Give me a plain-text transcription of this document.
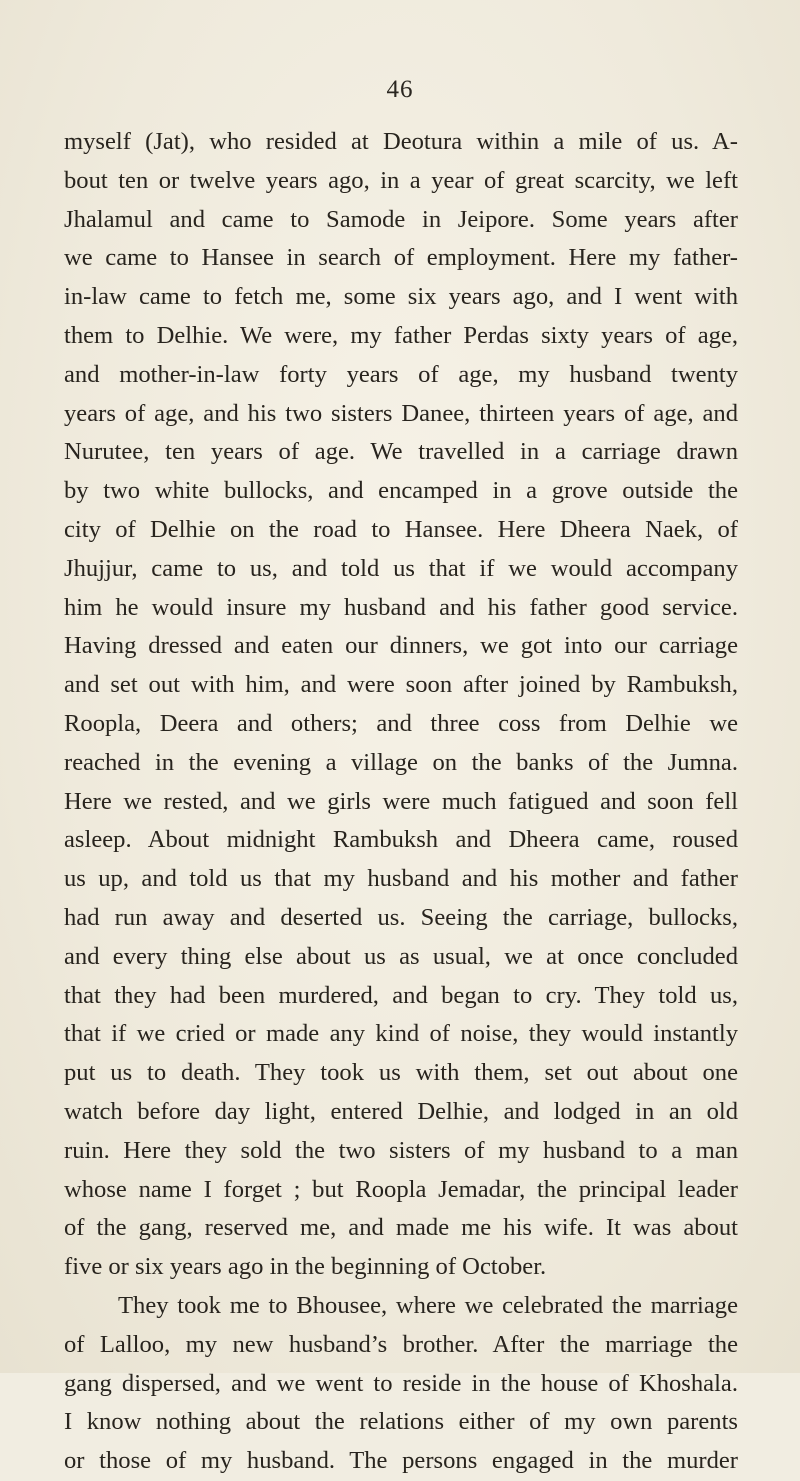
46
myself (Jat), who resided at Deotura within a mile of us. A-
bout ten or twelve years ago, in a year of great scarcity, we left
Jhalamul and came to Samode in Jeipore. Some years after
we came to Hansee in search of employment. Here my father-
in-law came to fetch me, some six years ago, and I went with
them to Delhie. We were, my father Perdas sixty years of age,
and mother-in-law forty years of age, my husband twenty
years of age, and his two sisters Danee, thirteen years of age, and
Nurutee, ten years of age. We travelled in a carriage drawn
by two white bullocks, and encamped in a grove outside the
city of Delhie on the road to Hansee. Here Dheera Naek, of
Jhujjur, came to us, and told us that if we would accompany
him he would insure my husband and his father good service.
Having dressed and eaten our dinners, we got into our carriage
and set out with him, and were soon after joined by Rambuksh,
Roopla, Deera and others; and three coss from Delhie we
reached in the evening a village on the banks of the Jumna.
Here we rested, and we girls were much fatigued and soon fell
asleep. About midnight Rambuksh and Dheera came, roused
us up, and told us that my husband and his mother and father
had run away and deserted us. Seeing the carriage, bullocks,
and every thing else about us as usual, we at once concluded
that they had been murdered, and began to cry. They told us,
that if we cried or made any kind of noise, they would instantly
put us to death. They took us with them, set out about one
watch before day light, entered Delhie, and lodged in an old
ruin. Here they sold the two sisters of my husband to a man
whose name I forget ; but Roopla Jemadar, the principal leader
of the gang, reserved me, and made me his wife. It was about
five or six years ago in the beginning of October.
They took me to Bhousee, where we celebrated the marriage
of Lalloo, my new husband’s brother. After the marriage the
gang dispersed, and we went to reside in the house of Khoshala.
I know nothing about the relations either of my own parents
or those of my husband. The persons engaged in the murder
